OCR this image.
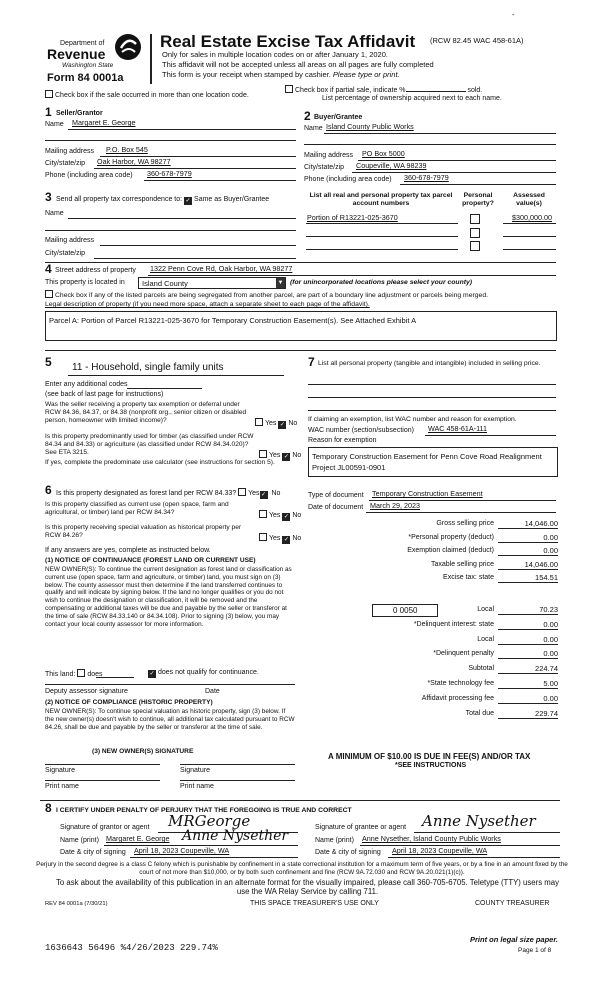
-
Department of
Revenue
Washington State
Form 84 0001a
Real Estate Excise Tax Affidavit (RCW 82.45 WAC 458-61A)
Only for sales in multiple location codes on or after January 1, 2020.
This affidavit will not be accepted unless all areas on all pages are fully completed
This form is your receipt when stamped by cashier. Please type or print.
Check box if the sale occurred in more than one location code.
Check box if partial sale, indicate %	sold.
List percentage of ownership acquired next to each name.
1 Seller/Grantor
Name Margaret E. George
Mailing address P.O. Box 545
City/state/zip Oak Harbor, WA 98277
Phone (including area code) 360-678-7979
2 Buyer/Grantee
Name Island County Public Works
Mailing address PO Box 5000
City/state/zip Coupeville, WA 98239
Phone (including area code) 360-678-7979
3 Send all property tax correspondence to: ✓ Same as Buyer/Grantee
Name
Mailing address
City/state/zip
List all real and personal property tax parcel account numbers
Personal property?
Assessed value(s)
Portion of R13221-025-3670	$300,000.00
4 Street address of property 1322 Penn Cove Rd, Oak Harbor, WA 98277
This property is located in Island County	▼ (for unincorporated locations please select your county)
Check box if any of the listed parcels are being segregated from another parcel, are part of a boundary line adjustment or parcels being merged.
Legal description of property (if you need more space, attach a separate sheet to each page of the affidavit).
Parcel A: Portion of Parcel R13221-025-3670 for Temporary Construction Easement(s). See Attached Exhibit A
5 11 - Household, single family units
Enter any additional codes
(see back of last page for instructions)
Was the seller receiving a property tax exemption or deferral under RCW 84.36, 84.37, or 84.38 (nonprofit org., senior citizen or disabled person, homeowner with limited income)?	Yes ✓ No
Is this property predominantly used for timber (as classified under RCW 84.34 and 84.33) or agriculture (as classified under RCW 84.34.020)? See ETA 3215.	Yes ✓ No
If yes, complete the predominate use calculator (see instructions for section 5).
6 Is this property designated as forest land per RCW 84.33? Yes✓ No
Is this property classified as current use (open space, farm and agricultural, or timber) land per RCW 84.34?	Yes ✓ No
Is this property receiving special valuation as historical property per RCW 84.26?	Yes ✓ No
If any answers are yes, complete as instructed below.
(1) NOTICE OF CONTINUANCE (FOREST LAND OR CURRENT USE)
NEW OWNER(S): To continue the current designation as forest land or classification as current use (open space, farm and agriculture, or timber) land, you must sign on (3) below. The county assessor must then determine if the land transferred continues to qualify and will indicate by signing below. If the land no longer qualifies or you do not wish to continue the designation or classification, it will be removed and the compensating or additional taxes will be due and payable by the seller or transferor at the time of sale (RCW 84.33.140 or 84.34.108). Prior to signing (3) below, you may contact your local county assessor for more information.
This land: does	✓ does not qualify for continuance.
Deputy assessor signature	Date
(2) NOTICE OF COMPLIANCE (HISTORIC PROPERTY)
NEW OWNER(S): To continue special valuation as historic property, sign (3) below. If the new owner(s) doesn't wish to continue, all additional tax calculated pursuant to RCW 84.26, shall be due and payable by the seller or transferor at the time of sale.
(3) NEW OWNER(S) SIGNATURE
Signature	Signature
Print name	Print name
7 List all personal property (tangible and intangible) included in selling price.
If claiming an exemption, list WAC number and reason for exemption.
WAC number (section/subsection) WAC 458-61A-111
Reason for exemption
Temporary Construction Easement for Penn Cove Road Realignment Project JL00591-0901
Type of document Temporary Construction Easement
Date of document March 29, 2023
Gross selling price	14,046.00
*Personal property (deduct)	0.00
Exemption claimed (deduct)	0.00
Taxable selling price	14,046.00
Excise tax: state	154.51
0 0050	Local	70.23
*Delinquent interest: state	0.00
Local	0.00
*Delinquent penalty	0.00
Subtotal	224.74
*State technology fee	5.00
Affidavit processing fee	0.00
Total due	229.74
A MINIMUM OF $10.00 IS DUE IN FEE(S) AND/OR TAX
*SEE INSTRUCTIONS
8 I CERTIFY UNDER PENALTY OF PERJURY THAT THE FOREGOING IS TRUE AND CORRECT
Signature of grantor or agent MRGeorge
Name (print) Margaret E. George Anne Nysether
Date & city of signing April 18, 2023 Coupeville, WA
Signature of grantee or agent Anne Nysether
Name (print) Anne Nysether, Island County Public Works
Date & city of signing April 18, 2023 Coupeville, WA
Perjury in the second degree is a class C felony which is punishable by confinement in a state correctional institution for a maximum term of five years, or by a fine in an amount fixed by the court of not more than $10,000, or by both such confinement and fine (RCW 9A.72.030 and RCW 9A.20.021(1)(c)).
To ask about the availability of this publication in an alternate format for the visually impaired, please call 360-705-6705. Teletype (TTY) users may use the WA Relay Service by calling 711.
REV 84 0001a (7/30/21)	THIS SPACE TREASURER'S USE ONLY	COUNTY TREASURER
1636643 56496 %4/26/2023 229.74%
Print on legal size paper.
Page 1 of 8
